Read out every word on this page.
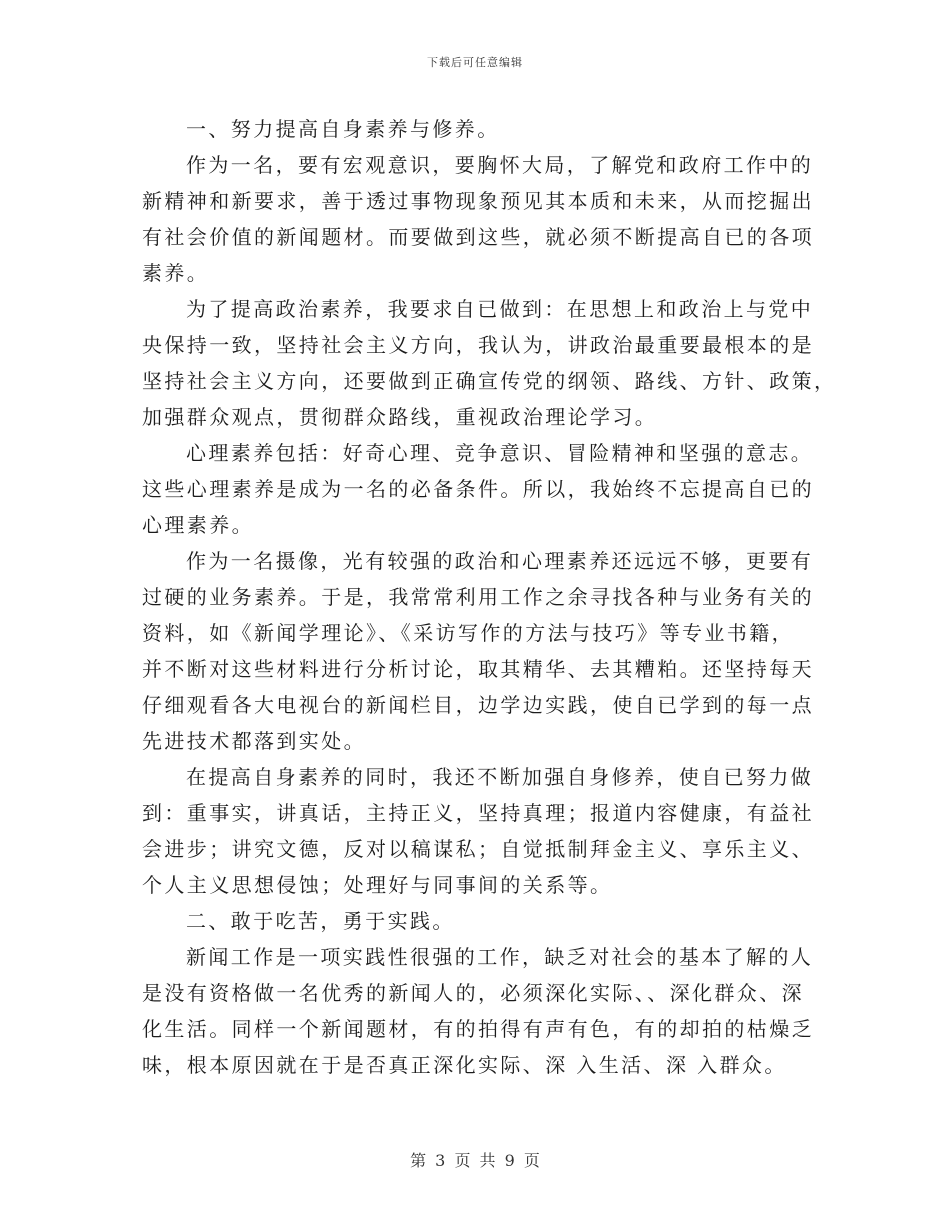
下载后可任意编辑
一、努力提高自身素养与修养。
作为一名，要有宏观意识，要胸怀大局，了解党和政府工作中的
新精神和新要求，善于透过事物现象预见其本质和未来，从而挖掘出
有社会价值的新闻题材。而要做到这些，就必须不断提高自已的各项
素养。
为了提高政治素养，我要求自已做到：在思想上和政治上与党中
央保持一致，坚持社会主义方向，我认为，讲政治最重要最根本的是
坚持社会主义方向，还要做到正确宣传党的纲领、路线、方针、政策，
加强群众观点，贯彻群众路线，重视政治理论学习。
心理素养包括：好奇心理、竞争意识、冒险精神和坚强的意志。
这些心理素养是成为一名的必备条件。所以，我始终不忘提高自已的
心理素养。
作为一名摄像，光有较强的政治和心理素养还远远不够，更要有
过硬的业务素养。于是，我常常利用工作之余寻找各种与业务有关的
资料，如《新闻学理论》、《采访写作的方法与技巧》等专业书籍，
并不断对这些材料进行分析讨论，取其精华、去其糟粕。还坚持每天
仔细观看各大电视台的新闻栏目，边学边实践，使自已学到的每一点
先进技术都落到实处。
在提高自身素养的同时，我还不断加强自身修养，使自已努力做
到：重事实，讲真话，主持正义，坚持真理；报道内容健康，有益社
会进步；讲究文德，反对以稿谋私；自觉抵制拜金主义、享乐主义、
个人主义思想侵蚀；处理好与同事间的关系等。
二、敢于吃苦，勇于实践。
新闻工作是一项实践性很强的工作，缺乏对社会的基本了解的人
是没有资格做一名优秀的新闻人的，必须深化实际、、深化群众、深
化生活。同样一个新闻题材，有的拍得有声有色，有的却拍的枯燥乏
味，根本原因就在于是否真正深化实际、深 入生活、深 入群众。
第 3 页 共 9 页
